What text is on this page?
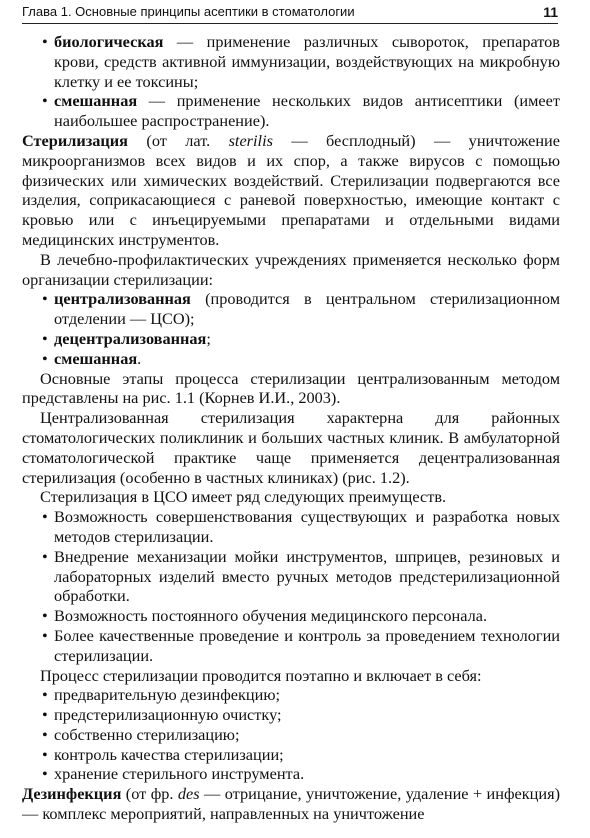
Глава 1. Основные принципы асептики в стоматологии	11
• биологическая — применение различных сывороток, препаратов крови, средств активной иммунизации, воздействующих на микробную клетку и ее токсины;
• смешанная — применение нескольких видов антисептики (имеет наибольшее распространение).

Стерилизация (от лат. sterilis — бесплодный) — уничтожение микроорганизмов всех видов и их спор, а также вирусов с помощью физических или химических воздействий. Стерилизации подвергаются все изделия, соприкасающиеся с раневой поверхностью, имеющие контакт с кровью или с инъецируемыми препаратами и отдельными видами медицинских инструментов.

В лечебно-профилактических учреждениях применяется несколько форм организации стерилизации:

• централизованная (проводится в центральном стерилизационном отделении — ЦСО);
• децентрализованная;
• смешанная.

Основные этапы процесса стерилизации централизованным методом представлены на рис. 1.1 (Корнев И.И., 2003).

Централизованная стерилизация характерна для районных стоматологических поликлиник и больших частных клиник. В амбулаторной стоматологической практике чаще применяется децентрализованная стерилизация (особенно в частных клиниках) (рис. 1.2).

Стерилизация в ЦСО имеет ряд следующих преимуществ.

• Возможность совершенствования существующих и разработка новых методов стерилизации.
• Внедрение механизации мойки инструментов, шприцев, резиновых и лабораторных изделий вместо ручных методов предстерилизационной обработки.
• Возможность постоянного обучения медицинского персонала.
• Более качественные проведение и контроль за проведением технологии стерилизации.

Процесс стерилизации проводится поэтапно и включает в себя:

• предварительную дезинфекцию;
• предстерилизационную очистку;
• собственно стерилизацию;
• контроль качества стерилизации;
• хранение стерильного инструмента.

Дезинфекция (от фр. des — отрицание, уничтожение, удаление + инфекция) — комплекс мероприятий, направленных на уничтожение
